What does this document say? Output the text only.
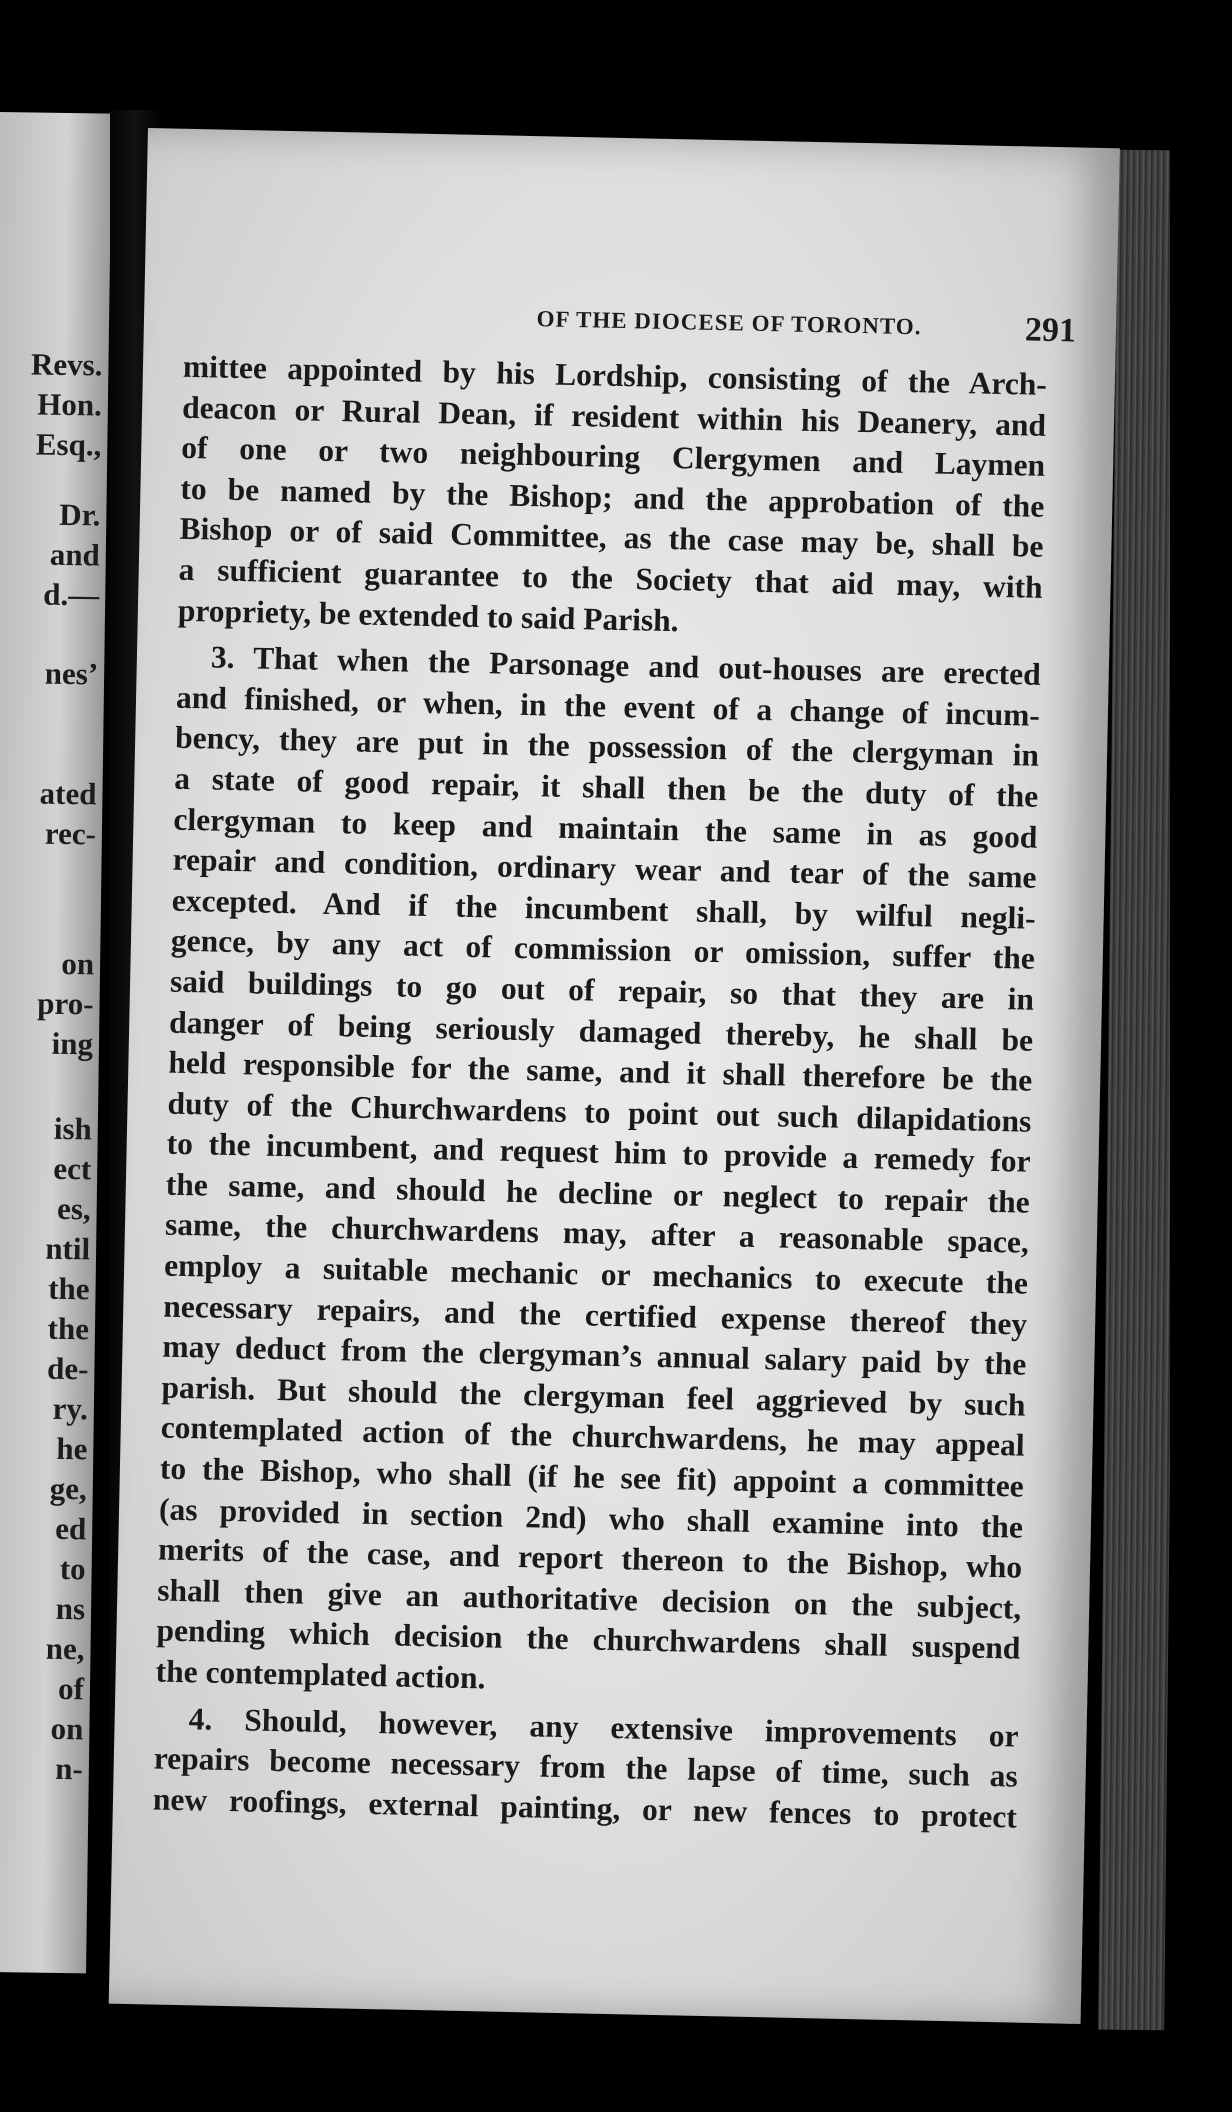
Revs.
Hon.
Esq.,
Dr.
and
d.—
nes’
ated
rec-
on
pro-
ing
ish
ect
es,
ntil
the
the
de-
ry.
he
ge,
ed
to
ns
ne,
of
on
n-
OF THE DIOCESE OF TORONTO.	291
mittee appointed by his Lordship, consisting of the Arch-
deacon or Rural Dean, if resident within his Deanery, and
of one or two neighbouring Clergymen and Laymen
to be named by the Bishop; and the approbation of the
Bishop or of said Committee, as the case may be, shall be
a sufficient guarantee to the Society that aid may, with
propriety, be extended to said Parish.
3. That when the Parsonage and out-houses are erected
and finished, or when, in the event of a change of incum-
bency, they are put in the possession of the clergyman in
a state of good repair, it shall then be the duty of the
clergyman to keep and maintain the same in as good
repair and condition, ordinary wear and tear of the same
excepted. And if the incumbent shall, by wilful negli-
gence, by any act of commission or omission, suffer the
said buildings to go out of repair, so that they are in
danger of being seriously damaged thereby, he shall be
held responsible for the same, and it shall therefore be the
duty of the Churchwardens to point out such dilapidations
to the incumbent, and request him to provide a remedy for
the same, and should he decline or neglect to repair the
same, the churchwardens may, after a reasonable space,
employ a suitable mechanic or mechanics to execute the
necessary repairs, and the certified expense thereof they
may deduct from the clergyman’s annual salary paid by the
parish. But should the clergyman feel aggrieved by such
contemplated action of the churchwardens, he may appeal
to the Bishop, who shall (if he see fit) appoint a committee
(as provided in section 2nd) who shall examine into the
merits of the case, and report thereon to the Bishop, who
shall then give an authoritative decision on the subject,
pending which decision the churchwardens shall suspend
the contemplated action.
4. Should, however, any extensive improvements or
repairs become necessary from the lapse of time, such as
new roofings, external painting, or new fences to protect
